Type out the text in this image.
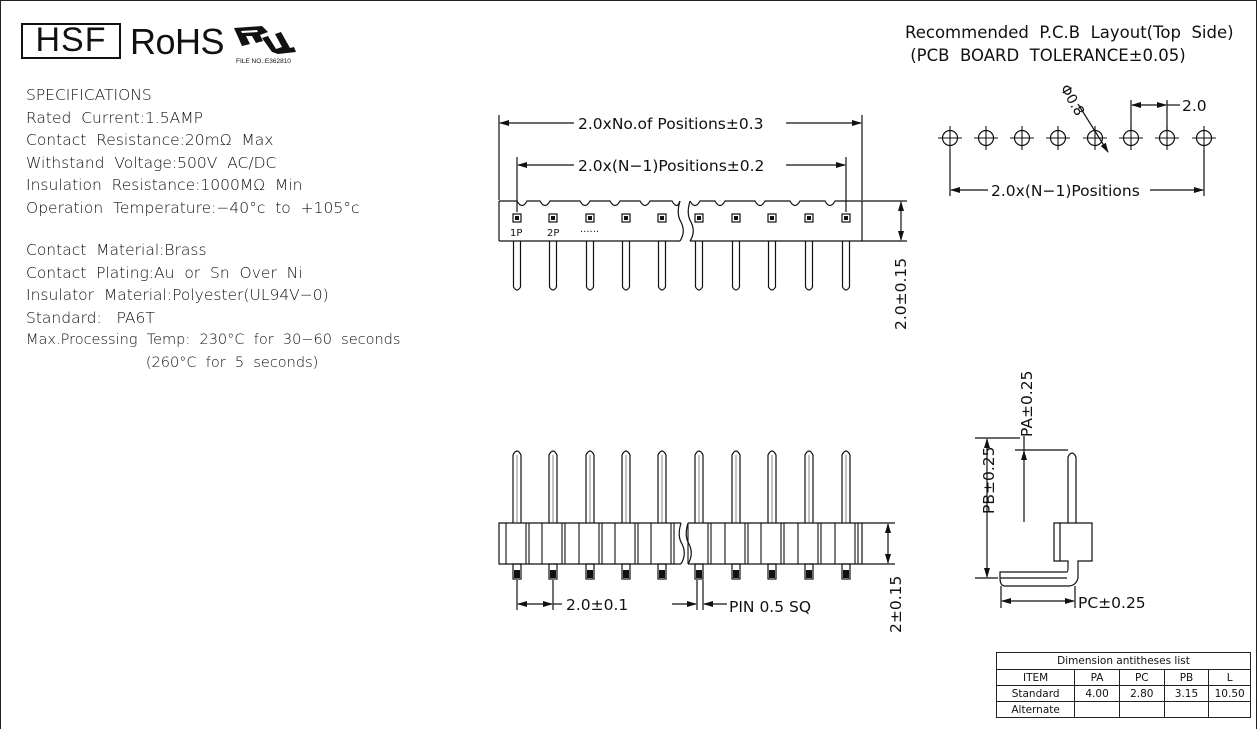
HSF RoHS FILE NO.:E362810
SPECIFICATIONS
Rated  Current:1.5AMP
Contact  Resistance:20mΩ  Max
Withstand  Voltage:500V  AC/DC
Insulation  Resistance:1000MΩ  Min
Operation  Temperature:−40°c  to  +105°c
Contact  Material:Brass
Contact  Plating:Au  or  Sn  Over  Ni
Insulator  Material:Polyester(UL94V−0)
Standard:   PA6T
Max.Processing  Temp:  230°C  for  30−60  seconds
(260°C  for  5  seconds)
Recommended  P.C.B  Layout(Top  Side)
(PCB  BOARD  TOLERANCE±0.05)
2.0xNo.of Positions±0.3
2.0x(N−1)Positions±0.2
1P 2P ......
2.0±0.15
2.0x(N−1)Positions
2.0
Φ0.8
2.0±0.1	PIN 0.5 SQ	2±0.15
PA±0.25
PB±0.25
PC±0.25
Dimension antitheses list				
ITEM	PA	PC	PB	L
Standard	4.00	2.80	3.15	10.50
Alternate				
